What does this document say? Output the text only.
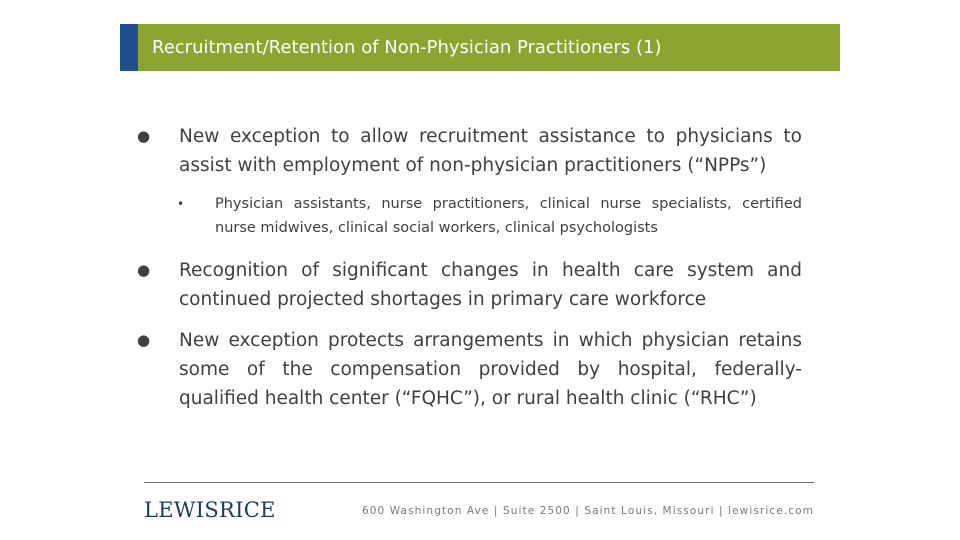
Recruitment/Retention of Non-Physician Practitioners (1)
●	New exception to allow recruitment assistance to physicians to assist with employment of non-physician practitioners (“NPPs”)
•	Physician assistants, nurse practitioners, clinical nurse specialists, certified nurse midwives, clinical social workers, clinical psychologists
●	Recognition of significant changes in health care system and continued projected shortages in primary care workforce
●	New exception protects arrangements in which physician retains some of the compensation provided by hospital, federally- qualified health center (“FQHC”), or rural health clinic (“RHC”)
LEWISRICE	600 Washington Ave | Suite 2500 | Saint Louis, Missouri | lewisrice.com
